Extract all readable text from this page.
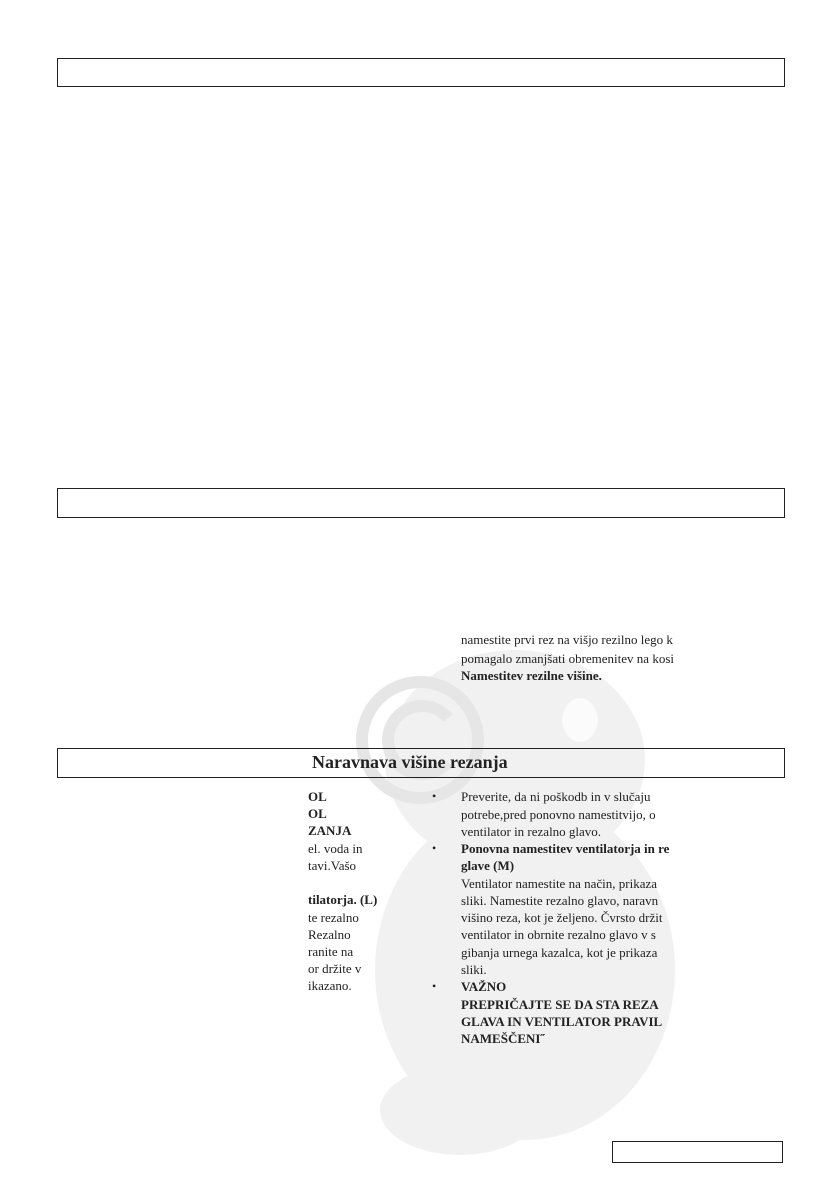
namestite prvi rez na višjo rezilno lego k
pomagalo zmanjšati obremenitev na kosi
Namestitev rezilne višine.
Naravnava višine rezanja
OL
OL
ZANJA
el. voda in
tavi.Vašo
tilatorja. (L)
te rezalno
Rezalno
ranite na
or držite v
ikazano.
• Preverite, da ni poškodb in v slučaju
potrebe,pred ponovno namestitvijo, o
ventilator in rezalno glavo.
• Ponovna namestitev ventilatorja in re
glave (M)
Ventilator namestite na način, prikaza
sliki. Namestite rezalno glavo, naravn
višino reza, kot je željeno. Čvrsto držit
ventilator in obrnite rezalno glavo v s
gibanja urnega kazalca, kot je prikaza
sliki.
• VAŽNO
PREPRIČAJTE SE DA STA REZA
GLAVA IN VENTILATOR PRAVIL
NAMEŠČENI˝
